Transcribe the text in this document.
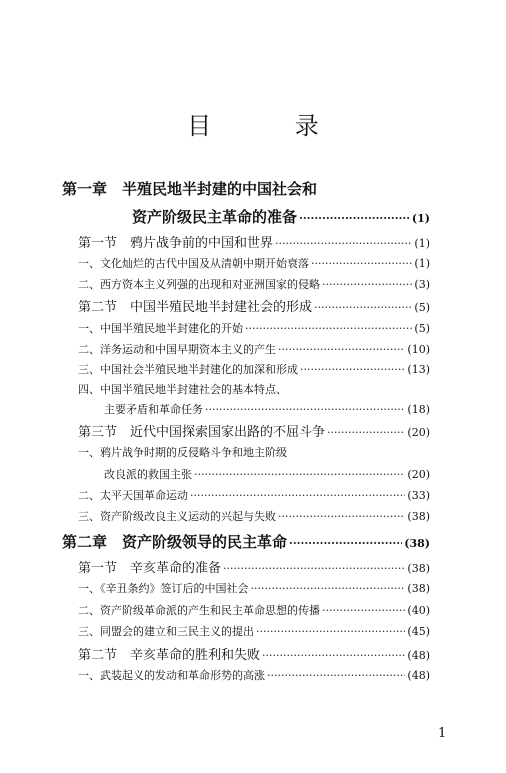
目 录
第一章　半殖民地半封建的中国社会和
资产阶级民主革命的准备 ·····	(1)
第一节　鸦片战争前的中国和世界 ·····	(1)
一、文化灿烂的古代中国及从清朝中期开始衰落 ·····	(1)
二、西方资本主义列强的出现和对亚洲国家的侵略 ·····	(3)
第二节　中国半殖民地半封建社会的形成 ·····	(5)
一、中国半殖民地半封建化的开始 ·····	(5)
二、洋务运动和中国早期资本主义的产生 ·····	(10)
三、中国社会半殖民地半封建化的加深和形成 ·····	(13)
四、中国半殖民地半封建社会的基本特点、
主要矛盾和革命任务 ·····	(18)
第三节　近代中国探索国家出路的不屈斗争 ·····	(20)
一、鸦片战争时期的反侵略斗争和地主阶级
改良派的救国主张 ·····	(20)
二、太平天国革命运动 ·····	(33)
三、资产阶级改良主义运动的兴起与失败 ·····	(38)
第二章　资产阶级领导的民主革命 ·····	(38)
第一节　辛亥革命的准备 ·····	(38)
一、《辛丑条约》签订后的中国社会 ·····	(38)
二、资产阶级革命派的产生和民主革命思想的传播 ·····	(40)
三、同盟会的建立和三民主义的提出 ·····	(45)
第二节　辛亥革命的胜利和失败 ·····	(48)
一、武装起义的发动和革命形势的高涨 ·····	(48)
1
